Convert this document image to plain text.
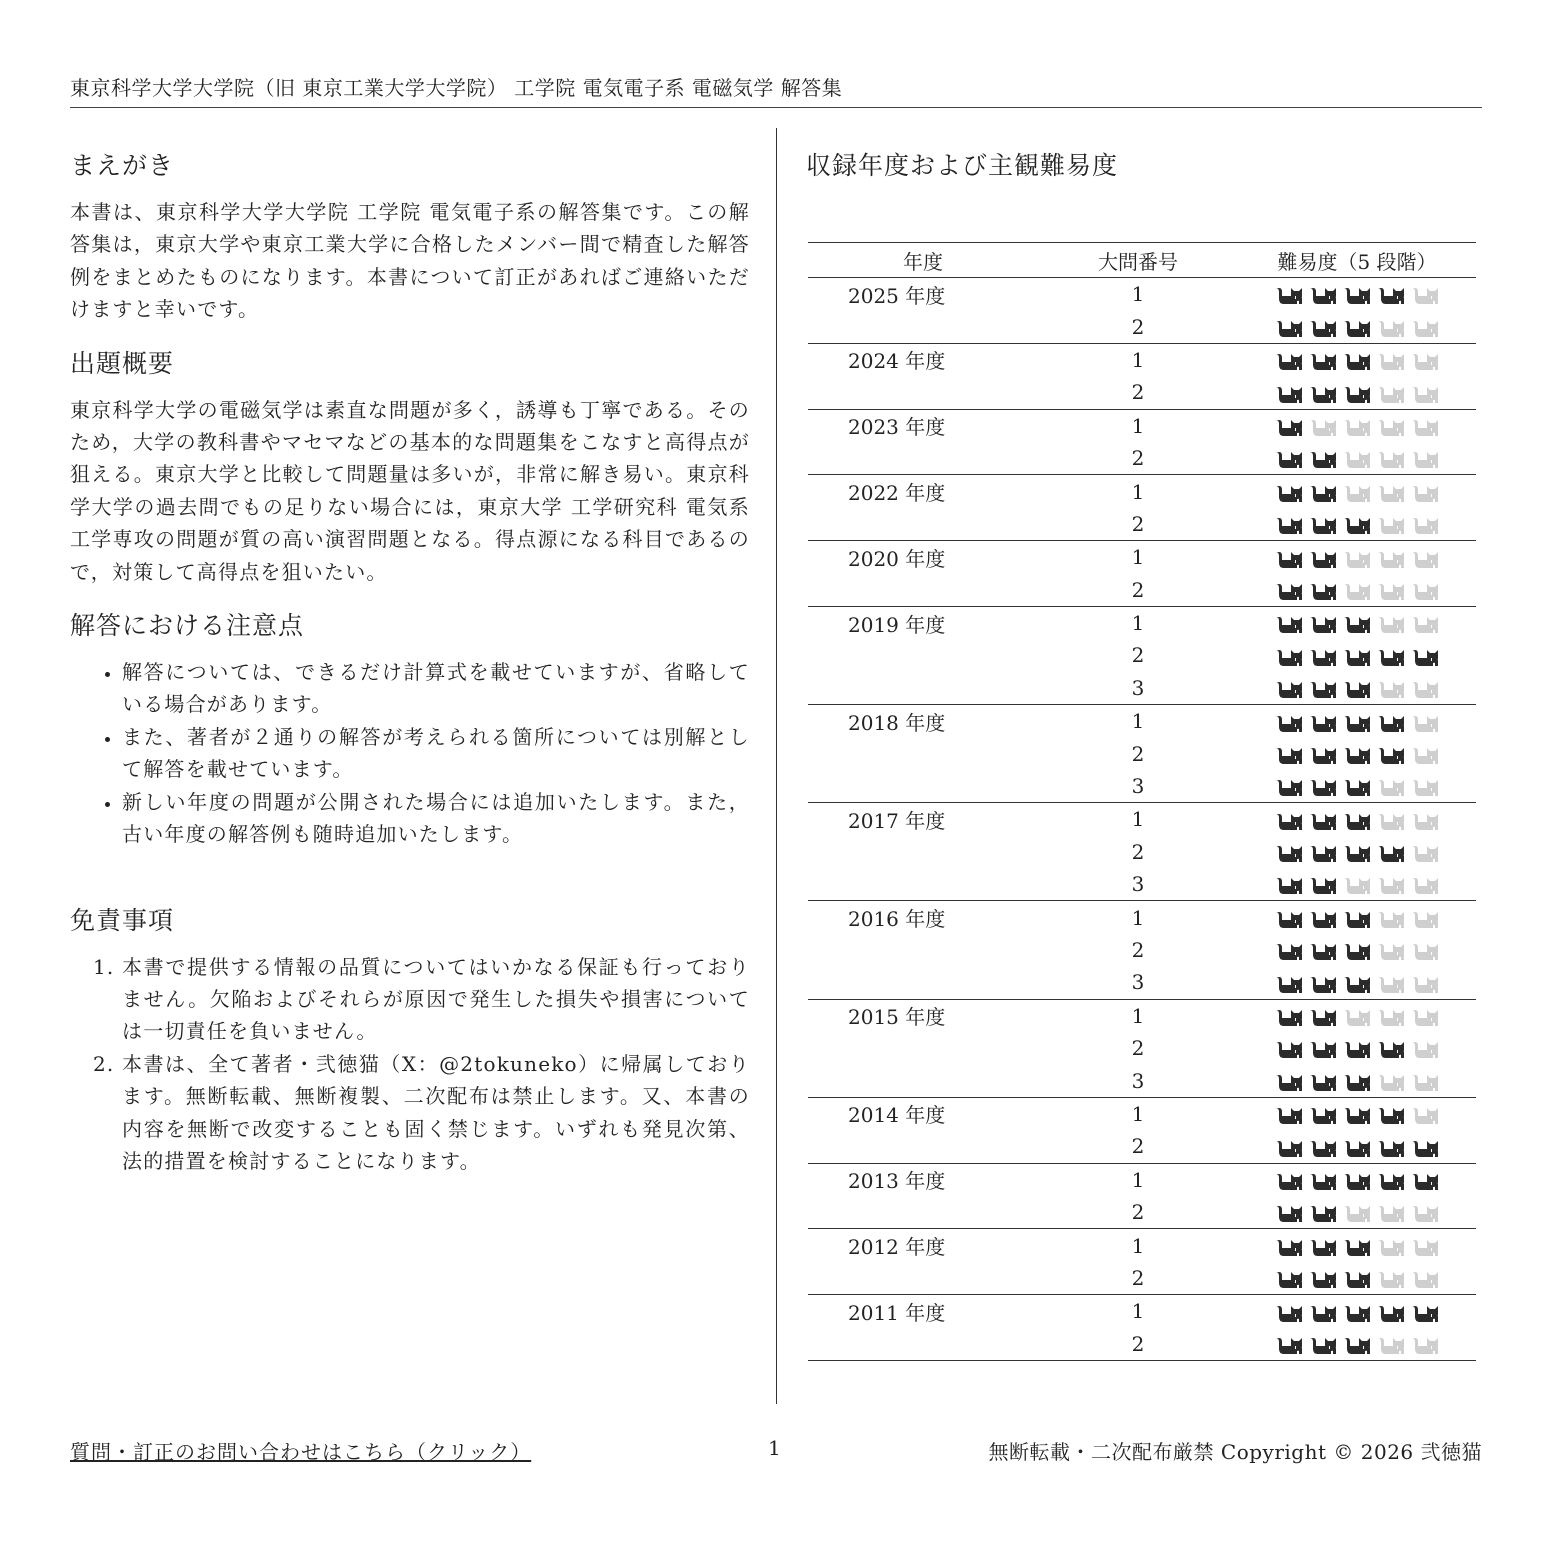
東京科学大学大学院（旧 東京工業大学大学院） 工学院 電気電子系 電磁気学 解答集
まえがき

本書は、東京科学大学大学院 工学院 電気電子系の解答集です。この解答集は，東京大学や東京工業大学に合格したメンバー間で精査した解答例をまとめたものになります。本書について訂正があればご連絡いただけますと幸いです。

出題概要

東京科学大学の電磁気学は素直な問題が多く，誘導も丁寧である。そのため，大学の教科書やマセマなどの基本的な問題集をこなすと高得点が狙える。東京大学と比較して問題量は多いが，非常に解き易い。東京科学大学の過去問でもの足りない場合には，東京大学 工学研究科 電気系工学専攻の問題が質の高い演習問題となる。得点源になる科目であるので，対策して高得点を狙いたい。

解答における注意点
• 解答については、できるだけ計算式を載せていますが、省略している場合があります。
• また、著者が２通りの解答が考えられる箇所については別解として解答を載せています。
• 新しい年度の問題が公開された場合には追加いたします。また，古い年度の解答例も随時追加いたします。
免責事項
1. 本書で提供する情報の品質についてはいかなる保証も行っておりません。欠陥およびそれらが原因で発生した損失や損害については一切責任を負いません。
2. 本書は、全て著者・弐徳猫（X：@2tokuneko）に帰属しております。無断転載、無断複製、二次配布は禁止します。又、本書の内容を無断で改変することも固く禁じます。いずれも発見次第、法的措置を検討することになります。
収録年度および主観難易度
年度	大問番号	難易度（5 段階）
2025 年度	1	

	2	

2024 年度	1	

	2	

2023 年度	1	

	2	

2022 年度	1	

	2	

2020 年度	1	

	2	

2019 年度	1	

	2	

	3	

2018 年度	1	

	2	

	3	

2017 年度	1	

	2	

	3	

2016 年度	1	

	2	

	3	

2015 年度	1	

	2	

	3	

2014 年度	1	

	2	

2013 年度	1	

	2	

2012 年度	1	

	2	

2011 年度	1	

	2	
質問・訂正のお問い合わせはこちら（クリック）	1	無断転載・二次配布厳禁 Copyright © 2026 弐徳猫
